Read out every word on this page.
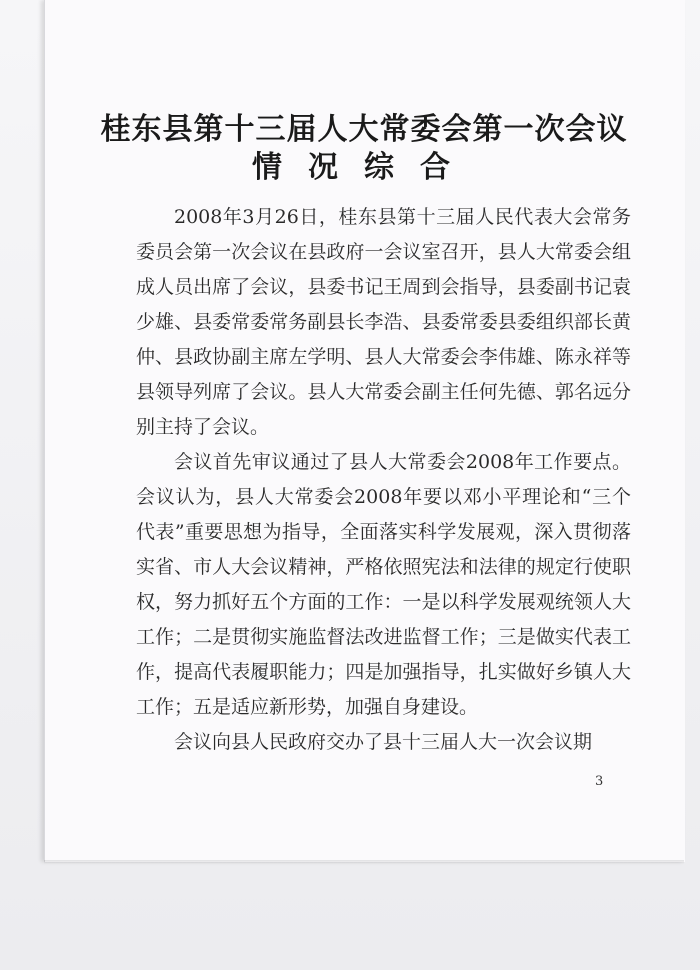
桂东县第十三届人大常委会第一次会议
情况综合

2008年3月26日，桂东县第十三届人民代表大会常务委员会第一次会议在县政府一会议室召开，县人大常委会组成人员出席了会议，县委书记王周到会指导，县委副书记袁少雄、县委常委常务副县长李浩、县委常委县委组织部长黄仲、县政协副主席左学明、县人大常委会李伟雄、陈永祥等县领导列席了会议。县人大常委会副主任何先德、郭名远分别主持了会议。

会议首先审议通过了县人大常委会2008年工作要点。会议认为，县人大常委会2008年要以邓小平理论和“三个代表”重要思想为指导，全面落实科学发展观，深入贯彻落实省、市人大会议精神，严格依照宪法和法律的规定行使职权，努力抓好五个方面的工作：一是以科学发展观统领人大工作；二是贯彻实施监督法改进监督工作；三是做实代表工作，提高代表履职能力；四是加强指导，扎实做好乡镇人大工作；五是适应新形势，加强自身建设。

会议向县人民政府交办了县十三届人大一次会议期

3
